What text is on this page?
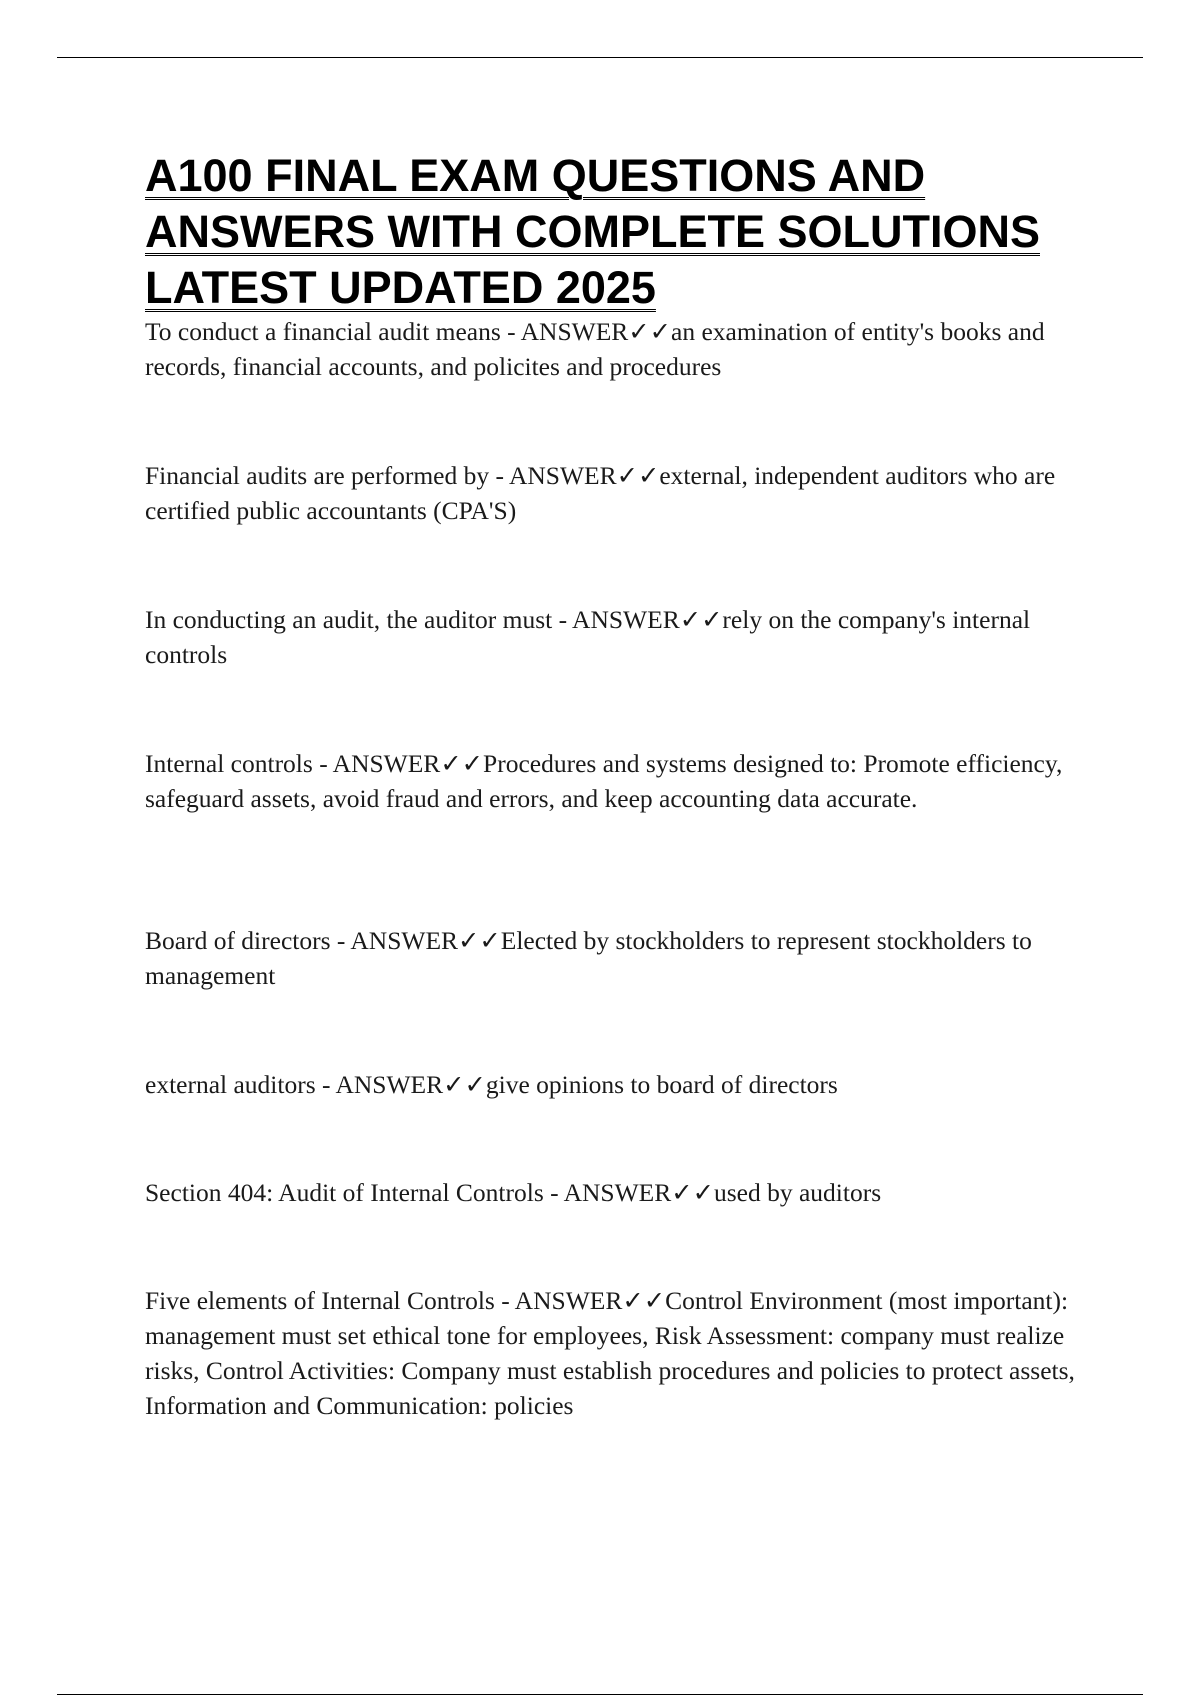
A100 FINAL EXAM QUESTIONS AND ANSWERS WITH COMPLETE SOLUTIONS LATEST UPDATED 2025

To conduct a financial audit means - ANSWER✓✓an examination of entity's books and records, financial accounts, and policites and procedures

Financial audits are performed by - ANSWER✓✓external, independent auditors who are certified public accountants (CPA'S)

In conducting an audit, the auditor must - ANSWER✓✓rely on the company's internal controls

Internal controls - ANSWER✓✓Procedures and systems designed to: Promote efficiency, safeguard assets, avoid fraud and errors, and keep accounting data accurate.

Board of directors - ANSWER✓✓Elected by stockholders to represent stockholders to management

external auditors - ANSWER✓✓give opinions to board of directors

Section 404: Audit of Internal Controls - ANSWER✓✓used by auditors

Five elements of Internal Controls - ANSWER✓✓Control Environment (most important): management must set ethical tone for employees, Risk Assessment: company must realize risks, Control Activities: Company must establish procedures and policies to protect assets, Information and Communication: policies
